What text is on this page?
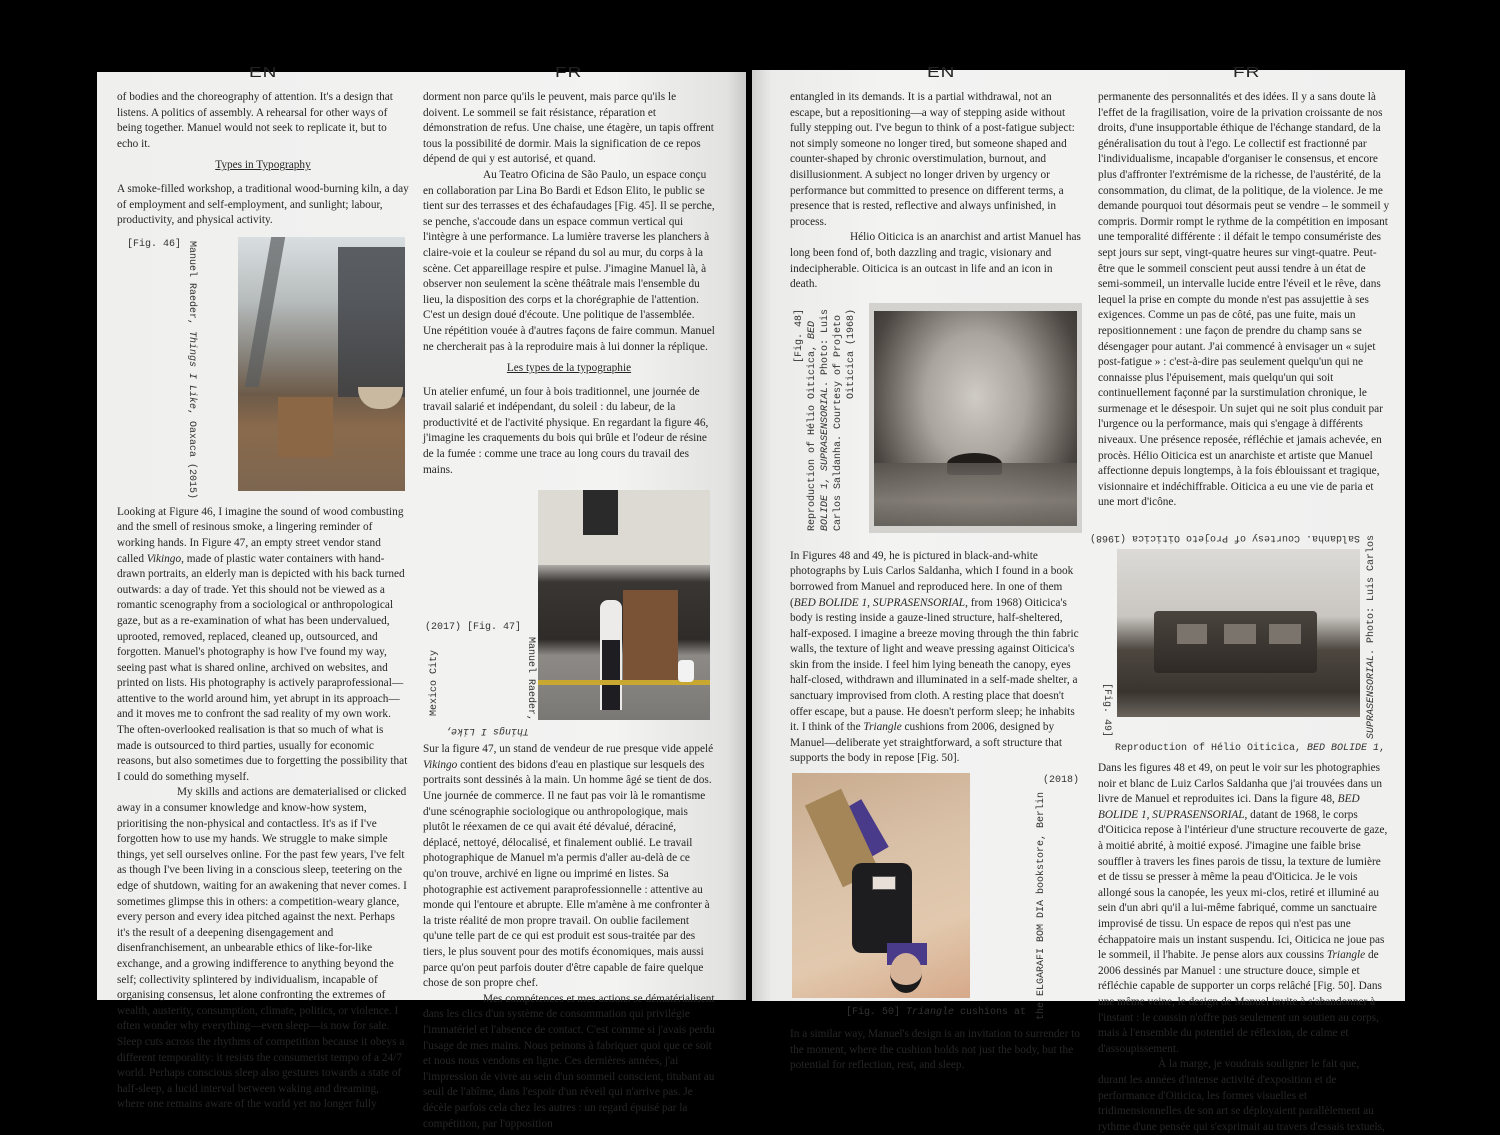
EN	FR	EN	FR

of bodies and the choreography of attention. It's a design that listens. A politics of assembly. A rehearsal for other ways of being together. Manuel would not seek to replicate it, but to echo it.

Types in Typography

A smoke-filled workshop, a traditional wood-burning kiln, a day of employment and self-employment, and sunlight; labour, productivity, and physical activity.

[Fig. 46] Manuel Raeder, Things I Like, Oaxaca (2015)

Looking at Figure 46, I imagine the sound of wood combusting and the smell of resinous smoke, a lingering reminder of working hands. In Figure 47, an empty street vendor stand called Vikingo, made of plastic water containers with hand-drawn portraits, an elderly man is depicted with his back turned outwards: a day of trade. Yet this should not be viewed as a romantic scenography from a sociological or anthropological gaze, but as a re-examination of what has been undervalued, uprooted, removed, replaced, cleaned up, outsourced, and forgotten. Manuel's photography is how I've found my way, seeing past what is shared online, archived on websites, and printed on lists. His photography is actively paraprofessional—attentive to the world around him, yet abrupt in its approach—and it moves me to confront the sad reality of my own work. The often-overlooked realisation is that so much of what is made is outsourced to third parties, usually for economic reasons, but also sometimes due to forgetting the possibility that I could do something myself.

My skills and actions are dematerialised or clicked away in a consumer knowledge and know-how system, prioritising the non-physical and contactless. It's as if I've forgotten how to use my hands. We struggle to make simple things, yet sell ourselves online. For the past few years, I've felt as though I've been living in a conscious sleep, teetering on the edge of shutdown, waiting for an awakening that never comes. I sometimes glimpse this in others: a competition-weary glance, every person and every idea pitched against the next. Perhaps it's the result of a deepening disengagement and disenfranchisement, an unbearable ethics of like-for-like exchange, and a growing indifference to anything beyond the self; collectivity splintered by individualism, incapable of organising consensus, let alone confronting the extremes of wealth, austerity, consumption, climate, politics, or violence. I often wonder why everything—even sleep—is now for sale. Sleep cuts across the rhythms of competition because it obeys a different temporality: it resists the consumerist tempo of a 24/7 world. Perhaps conscious sleep also gestures towards a state of half-sleep, a lucid interval between waking and dreaming, where one remains aware of the world yet no longer fully

dorment non parce qu'ils le peuvent, mais parce qu'ils le doivent. Le sommeil se fait résistance, réparation et démonstration de refus. Une chaise, une étagère, un tapis offrent tous la possibilité de dormir. Mais la signification de ce repos dépend de qui y est autorisé, et quand.

Au Teatro Oficina de São Paulo, un espace conçu en collaboration par Lina Bo Bardi et Edson Elito, le public se tient sur des terrasses et des échafaudages [Fig. 45]. Il se perche, se penche, s'accoude dans un espace commun vertical qui l'intègre à une performance. La lumière traverse les planchers à claire-voie et la couleur se répand du sol au mur, du corps à la scène. Cet appareillage respire et pulse. J'imagine Manuel là, à observer non seulement la scène théâtrale mais l'ensemble du lieu, la disposition des corps et la chorégraphie de l'attention. C'est un design doué d'écoute. Une politique de l'assemblée. Une répétition vouée à d'autres façons de faire commun. Manuel ne chercherait pas à la reproduire mais à lui donner la réplique.

Les types de la typographie

Un atelier enfumé, un four à bois traditionnel, une journée de travail salarié et indépendant, du soleil : du labeur, de la productivité et de l'activité physique. En regardant la figure 46, j'imagine les craquements du bois qui brûle et l'odeur de résine de la fumée : comme une trace au long cours du travail des mains.

(2017) [Fig. 47]
Manuel Raeder,
Things I Like,
Mexico City

Sur la figure 47, un stand de vendeur de rue presque vide appelé Vikingo contient des bidons d'eau en plastique sur lesquels des portraits sont dessinés à la main. Un homme âgé se tient de dos. Une journée de commerce. Il ne faut pas voir là le romantisme d'une scénographie sociologique ou anthropologique, mais plutôt le réexamen de ce qui avait été dévalué, déraciné, déplacé, nettoyé, délocalisé, et finalement oublié. Le travail photographique de Manuel m'a permis d'aller au-delà de ce qu'on trouve, archivé en ligne ou imprimé en listes. Sa photographie est activement paraprofessionnelle : attentive au monde qui l'entoure et abrupte. Elle m'amène à me confronter à la triste réalité de mon propre travail. On oublie facilement qu'une telle part de ce qui est produit est sous-traitée par des tiers, le plus souvent pour des motifs économiques, mais aussi parce qu'on peut parfois douter d'être capable de faire quelque chose de son propre chef.

Mes compétences et mes actions se dématérialisent dans les clics d'un système de consommation qui privilégie l'immatériel et l'absence de contact. C'est comme si j'avais perdu l'usage de mes mains. Nous peinons à fabriquer quoi que ce soit et nous nous vendons en ligne. Ces dernières années, j'ai l'impression de vivre au sein d'un sommeil conscient, titubant au seuil de l'abîme, dans l'espoir d'un réveil qui n'arrive pas. Je décèle parfois cela chez les autres : un regard épuisé par la compétition, par l'opposition

entangled in its demands. It is a partial withdrawal, not an escape, but a repositioning—a way of stepping aside without fully stepping out. I've begun to think of a post-fatigue subject: not simply someone no longer tired, but someone shaped and counter-shaped by chronic overstimulation, burnout, and disillusionment. A subject no longer driven by urgency or performance but committed to presence on different terms, a presence that is rested, reflective and always unfinished, in process.

Hélio Oiticica is an anarchist and artist Manuel has long been fond of, both dazzling and tragic, visionary and indecipherable. Oiticica is an outcast in life and an icon in death.

[Fig. 48]
Reproduction of Hélio Oiticica, BED
BOLIDE 1, SUPRASENSORIAL. Photo: Luis Carlos Saldanha. Courtesy of Projeto Oiticica (1968)

In Figures 48 and 49, he is pictured in black-and-white photographs by Luis Carlos Saldanha, which I found in a book borrowed from Manuel and reproduced here. In one of them (BED BOLIDE 1, SUPRASENSORIAL, from 1968) Oiticica's body is resting inside a gauze-lined structure, half-sheltered, half-exposed. I imagine a breeze moving through the thin fabric walls, the texture of light and weave pressing against Oiticica's skin from the inside. I feel him lying beneath the canopy, eyes half-closed, withdrawn and illuminated in a self-made shelter, a sanctuary improvised from cloth. A resting place that doesn't offer escape, but a pause. He doesn't perform sleep; he inhabits it. I think of the Triangle cushions from 2006, designed by Manuel—deliberate yet straightforward, a soft structure that supports the body in repose [Fig. 50].

[Fig. 50] Triangle cushions at the ELGARAFI BOM DIA bookstore, Berlin
(2018)

In a similar way, Manuel's design is an invitation to surrender to the moment, where the cushion holds not just the body, but the potential for reflection, rest, and sleep.

permanente des personnalités et des idées. Il y a sans doute là l'effet de la fragilisation, voire de la privation croissante de nos droits, d'une insupportable éthique de l'échange standard, de la généralisation du tout à l'ego. Le collectif est fractionné par l'individualisme, incapable d'organiser le consensus, et encore plus d'affronter l'extrémisme de la richesse, de l'austérité, de la consommation, du climat, de la politique, de la violence. Je me demande pourquoi tout désormais peut se vendre – le sommeil y compris. Dormir rompt le rythme de la compétition en imposant une temporalité différente : il défait le tempo consumériste des sept jours sur sept, vingt-quatre heures sur vingt-quatre. Peut-être que le sommeil conscient peut aussi tendre à un état de semi-sommeil, un intervalle lucide entre l'éveil et le rêve, dans lequel la prise en compte du monde n'est pas assujettie à ses exigences. Comme un pas de côté, pas une fuite, mais un repositionnement : une façon de prendre du champ sans se désengager pour autant. J'ai commencé à envisager un « sujet post-fatigue » : c'est-à-dire pas seulement quelqu'un qui ne connaisse plus l'épuisement, mais quelqu'un qui soit continuellement façonné par la surstimulation chronique, le surmenage et le désespoir. Un sujet qui ne soit plus conduit par l'urgence ou la performance, mais qui s'engage à différents niveaux. Une présence reposée, réfléchie et jamais achevée, en procès. Hélio Oiticica est un anarchiste et artiste que Manuel affectionne depuis longtemps, à la fois éblouissant et tragique, visionnaire et indéchiffrable. Oiticica a eu une vie de paria et une mort d'icône.

Saldanha. Courtesy of Projeto Oiticica (1968)
[Fig. 49]
Reproduction of Hélio Oiticica, BED BOLIDE 1,
SUPRASENSORIAL. Photo: Luis Carlos

Dans les figures 48 et 49, on peut le voir sur les photographies noir et blanc de Luiz Carlos Saldanha que j'ai trouvées dans un livre de Manuel et reproduites ici. Dans la figure 48, BED BOLIDE 1, SUPRASENSORIAL, datant de 1968, le corps d'Oiticica repose à l'intérieur d'une structure recouverte de gaze, à moitié abrité, à moitié exposé. J'imagine une faible brise souffler à travers les fines parois de tissu, la texture de lumière et de tissu se presser à même la peau d'Oiticica. Je le vois allongé sous la canopée, les yeux mi-clos, retiré et illuminé au sein d'un abri qu'il a lui-même fabriqué, comme un sanctuaire improvisé de tissu. Un espace de repos qui n'est pas une échappatoire mais un instant suspendu. Ici, Oiticica ne joue pas le sommeil, il l'habite. Je pense alors aux coussins Triangle de 2006 dessinés par Manuel : une structure douce, simple et réfléchie capable de supporter un corps relâché [Fig. 50]. Dans une même veine, le design de Manuel invite à s'abandonner à l'instant : le coussin n'offre pas seulement un soutien au corps, mais à l'ensemble du potentiel de réflexion, de calme et d'assoupissement.

À la marge, je voudrais souligner le fait que, durant les années d'intense activité d'exposition et de performance d'Oiticica, les formes visuelles et tridimensionnelles de son art se déployaient parallèlement au rythme d'une pensée qui s'exprimait au travers d'essais textuels,
